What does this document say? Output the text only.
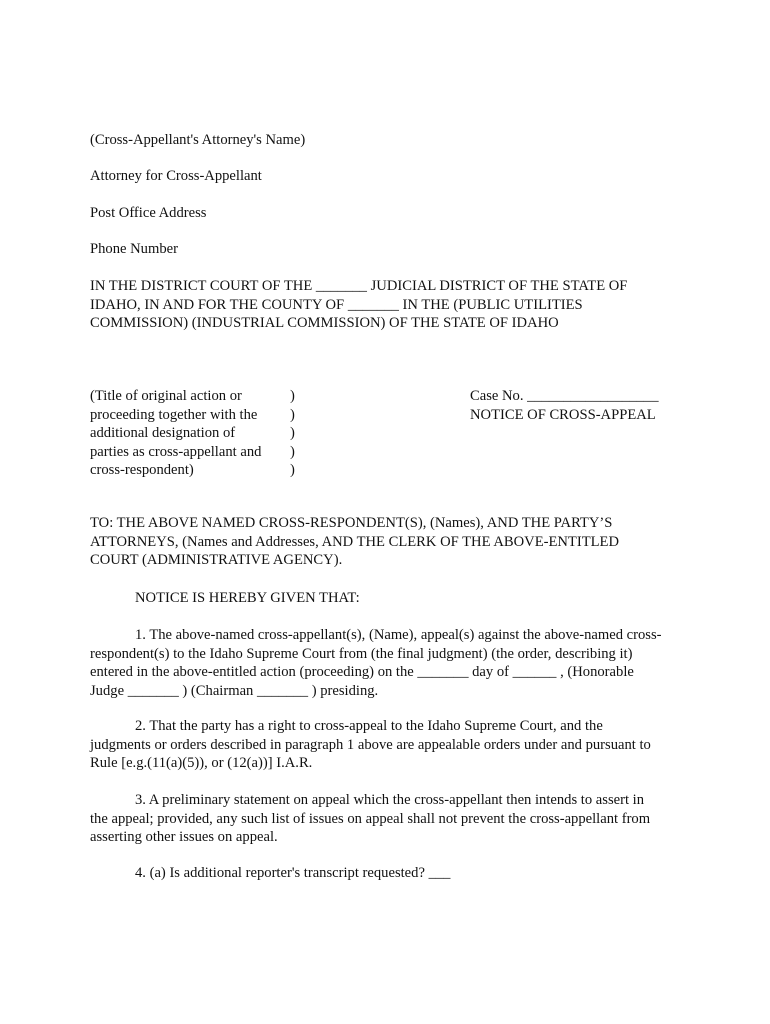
(Cross-Appellant's Attorney's Name)
Attorney for Cross-Appellant
Post Office Address
Phone Number
IN THE DISTRICT COURT OF THE _______ JUDICIAL DISTRICT OF THE STATE OF
IDAHO, IN AND FOR THE COUNTY OF _______ IN THE (PUBLIC UTILITIES
COMMISSION) (INDUSTRIAL COMMISSION) OF THE STATE OF IDAHO
(Title of original action or
proceeding together with the
additional designation of
parties as cross-appellant and
cross-respondent)
)
)
)
)
)
Case No. __________________
NOTICE OF CROSS-APPEAL
TO: THE ABOVE NAMED CROSS-RESPONDENT(S), (Names), AND THE PARTY’S
ATTORNEYS, (Names and Addresses, AND THE CLERK OF THE ABOVE-ENTITLED
COURT (ADMINISTRATIVE AGENCY).
NOTICE IS HEREBY GIVEN THAT:
1. The above-named cross-appellant(s), (Name), appeal(s) against the above-named cross-
respondent(s) to the Idaho Supreme Court from (the final judgment) (the order, describing it)
entered in the above-entitled action (proceeding) on the _______ day of ______ , (Honorable
Judge _______ ) (Chairman _______ ) presiding.
2. That the party has a right to cross-appeal to the Idaho Supreme Court, and the
judgments or orders described in paragraph 1 above are appealable orders under and pursuant to
Rule [e.g.(11(a)(5)), or (12(a))] I.A.R.
3. A preliminary statement on appeal which the cross-appellant then intends to assert in
the appeal; provided, any such list of issues on appeal shall not prevent the cross-appellant from
asserting other issues on appeal.
4. (a) Is additional reporter's transcript requested? ___
